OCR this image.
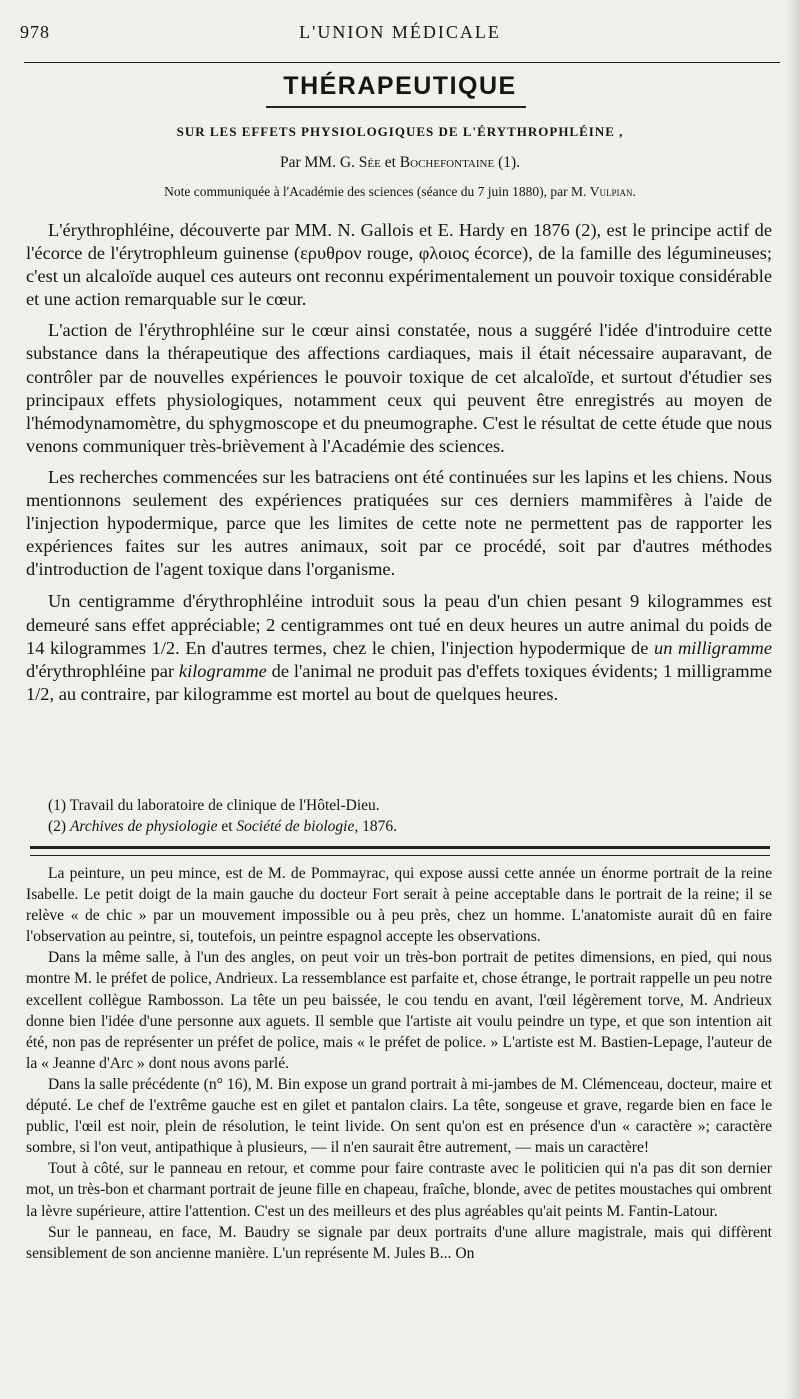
978	L'UNION MÉDICALE
THÉRAPEUTIQUE
SUR LES EFFETS PHYSIOLOGIQUES DE L'ÉRYTHROPHLÉINE ,
Par MM. G. Sée et Bochefontaine (1).
Note communiquée à l'Académie des sciences (séance du 7 juin 1880), par M. Vulpian.

L'érythrophléine, découverte par MM. N. Gallois et E. Hardy en 1876 (2), est le principe actif de l'écorce de l'érytrophleum guinense (ερυθρον rouge, φλοιος écorce), de la famille des légumineuses; c'est un alcaloïde auquel ces auteurs ont reconnu expérimentalement un pouvoir toxique considérable et une action remarquable sur le cœur.

L'action de l'érythrophléine sur le cœur ainsi constatée, nous a suggéré l'idée d'introduire cette substance dans la thérapeutique des affections cardiaques, mais il était nécessaire auparavant, de contrôler par de nouvelles expériences le pouvoir toxique de cet alcaloïde, et surtout d'étudier ses principaux effets physiologiques, notamment ceux qui peuvent être enregistrés au moyen de l'hémodynamomètre, du sphygmoscope et du pneumographe. C'est le résultat de cette étude que nous venons communiquer très-brièvement à l'Académie des sciences.

Les recherches commencées sur les batraciens ont été continuées sur les lapins et les chiens. Nous mentionnons seulement des expériences pratiquées sur ces derniers mammifères à l'aide de l'injection hypodermique, parce que les limites de cette note ne permettent pas de rapporter les expériences faites sur les autres animaux, soit par ce procédé, soit par d'autres méthodes d'introduction de l'agent toxique dans l'organisme.

Un centigramme d'érythrophléine introduit sous la peau d'un chien pesant 9 kilogrammes est demeuré sans effet appréciable; 2 centigrammes ont tué en deux heures un autre animal du poids de 14 kilogrammes 1/2. En d'autres termes, chez le chien, l'injection hypodermique de un milligramme d'érythrophléine par kilogramme de l'animal ne produit pas d'effets toxiques évidents; 1 milligramme 1/2, au contraire, par kilogramme est mortel au bout de quelques heures.

(1) Travail du laboratoire de clinique de l'Hôtel-Dieu.
(2) Archives de physiologie et Société de biologie, 1876.

La peinture, un peu mince, est de M. de Pommayrac, qui expose aussi cette année un énorme portrait de la reine Isabelle. Le petit doigt de la main gauche du docteur Fort serait à peine acceptable dans le portrait de la reine; il se relève « de chic » par un mouvement impossible ou à peu près, chez un homme. L'anatomiste aurait dû en faire l'observation au peintre, si, toutefois, un peintre espagnol accepte les observations.

Dans la même salle, à l'un des angles, on peut voir un très-bon portrait de petites dimensions, en pied, qui nous montre M. le préfet de police, Andrieux. La ressemblance est parfaite et, chose étrange, le portrait rappelle un peu notre excellent collègue Rambosson. La tête un peu baissée, le cou tendu en avant, l'œil légèrement torve, M. Andrieux donne bien l'idée d'une personne aux aguets. Il semble que l'artiste ait voulu peindre un type, et que son intention ait été, non pas de représenter un préfet de police, mais « le préfet de police. » L'artiste est M. Bastien-Lepage, l'auteur de la « Jeanne d'Arc » dont nous avons parlé.

Dans la salle précédente (n° 16), M. Bin expose un grand portrait à mi-jambes de M. Clémenceau, docteur, maire et député. Le chef de l'extrême gauche est en gilet et pantalon clairs. La tête, songeuse et grave, regarde bien en face le public, l'œil est noir, plein de résolution, le teint livide. On sent qu'on est en présence d'un « caractère »; caractère sombre, si l'on veut, antipathique à plusieurs, — il n'en saurait être autrement, — mais un caractère!

Tout à côté, sur le panneau en retour, et comme pour faire contraste avec le politicien qui n'a pas dit son dernier mot, un très-bon et charmant portrait de jeune fille en chapeau, fraîche, blonde, avec de petites moustaches qui ombrent la lèvre supérieure, attire l'attention. C'est un des meilleurs et des plus agréables qu'ait peints M. Fantin-Latour.

Sur le panneau, en face, M. Baudry se signale par deux portraits d'une allure magistrale, mais qui diffèrent sensiblement de son ancienne manière. L'un représente M. Jules B... On
